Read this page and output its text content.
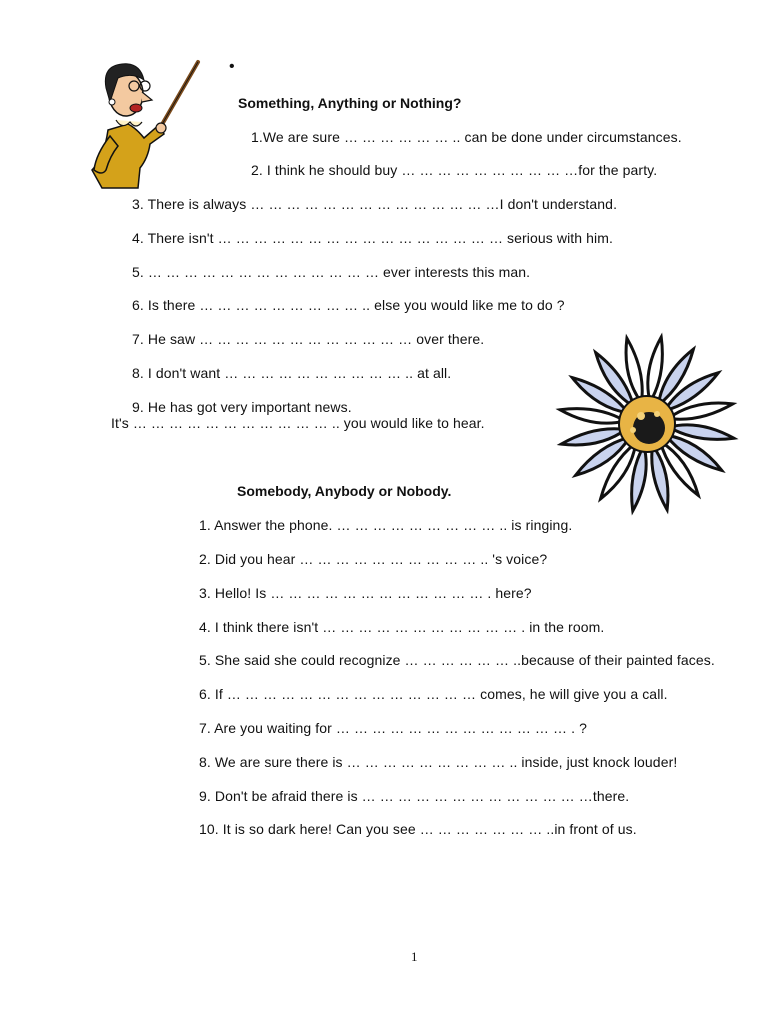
•
Something, Anything or Nothing?
1.We are sure … … … … … … .. can be done under circumstances.
2. I think he should buy … … … … … … … … … …for the party.
3. There is always … … … … … … … … … … … … … …I don't understand.
4. There isn't … … … … … … … … … … … … … … … … serious with him.
5. … … … … … … … … … … … … … ever interests this man.
6. Is there … … … … … … … … … .. else you would like me to do ?
7. He saw … … … … … … … … … … … … over there.
8. I don't want … … … … … … … … … … .. at all.
9. He has got very important news.
It's … … … … … … … … … … … .. you would like to hear.
Somebody, Anybody or Nobody.
1. Answer the phone. … … … … … … … … … .. is ringing.
2. Did you hear … … … … … … … … … … .. 's voice?
3. Hello! Is … … … … … … … … … … … … . here?
4. I think there isn't … … … … … … … … … … … . in the room.
5. She said she could recognize … … … … … … ..because of their painted faces.
6. If … … … … … … … … … … … … … … comes, he will give you a call.
7. Are you waiting for … … … … … … … … … … … … … . ?
8. We are sure there is … … … … … … … … … .. inside, just knock louder!
9. Don't be afraid there is … … … … … … … … … … … … …there.
10. It is so dark here! Can you see … … … … … … … ..in front of us.
1
